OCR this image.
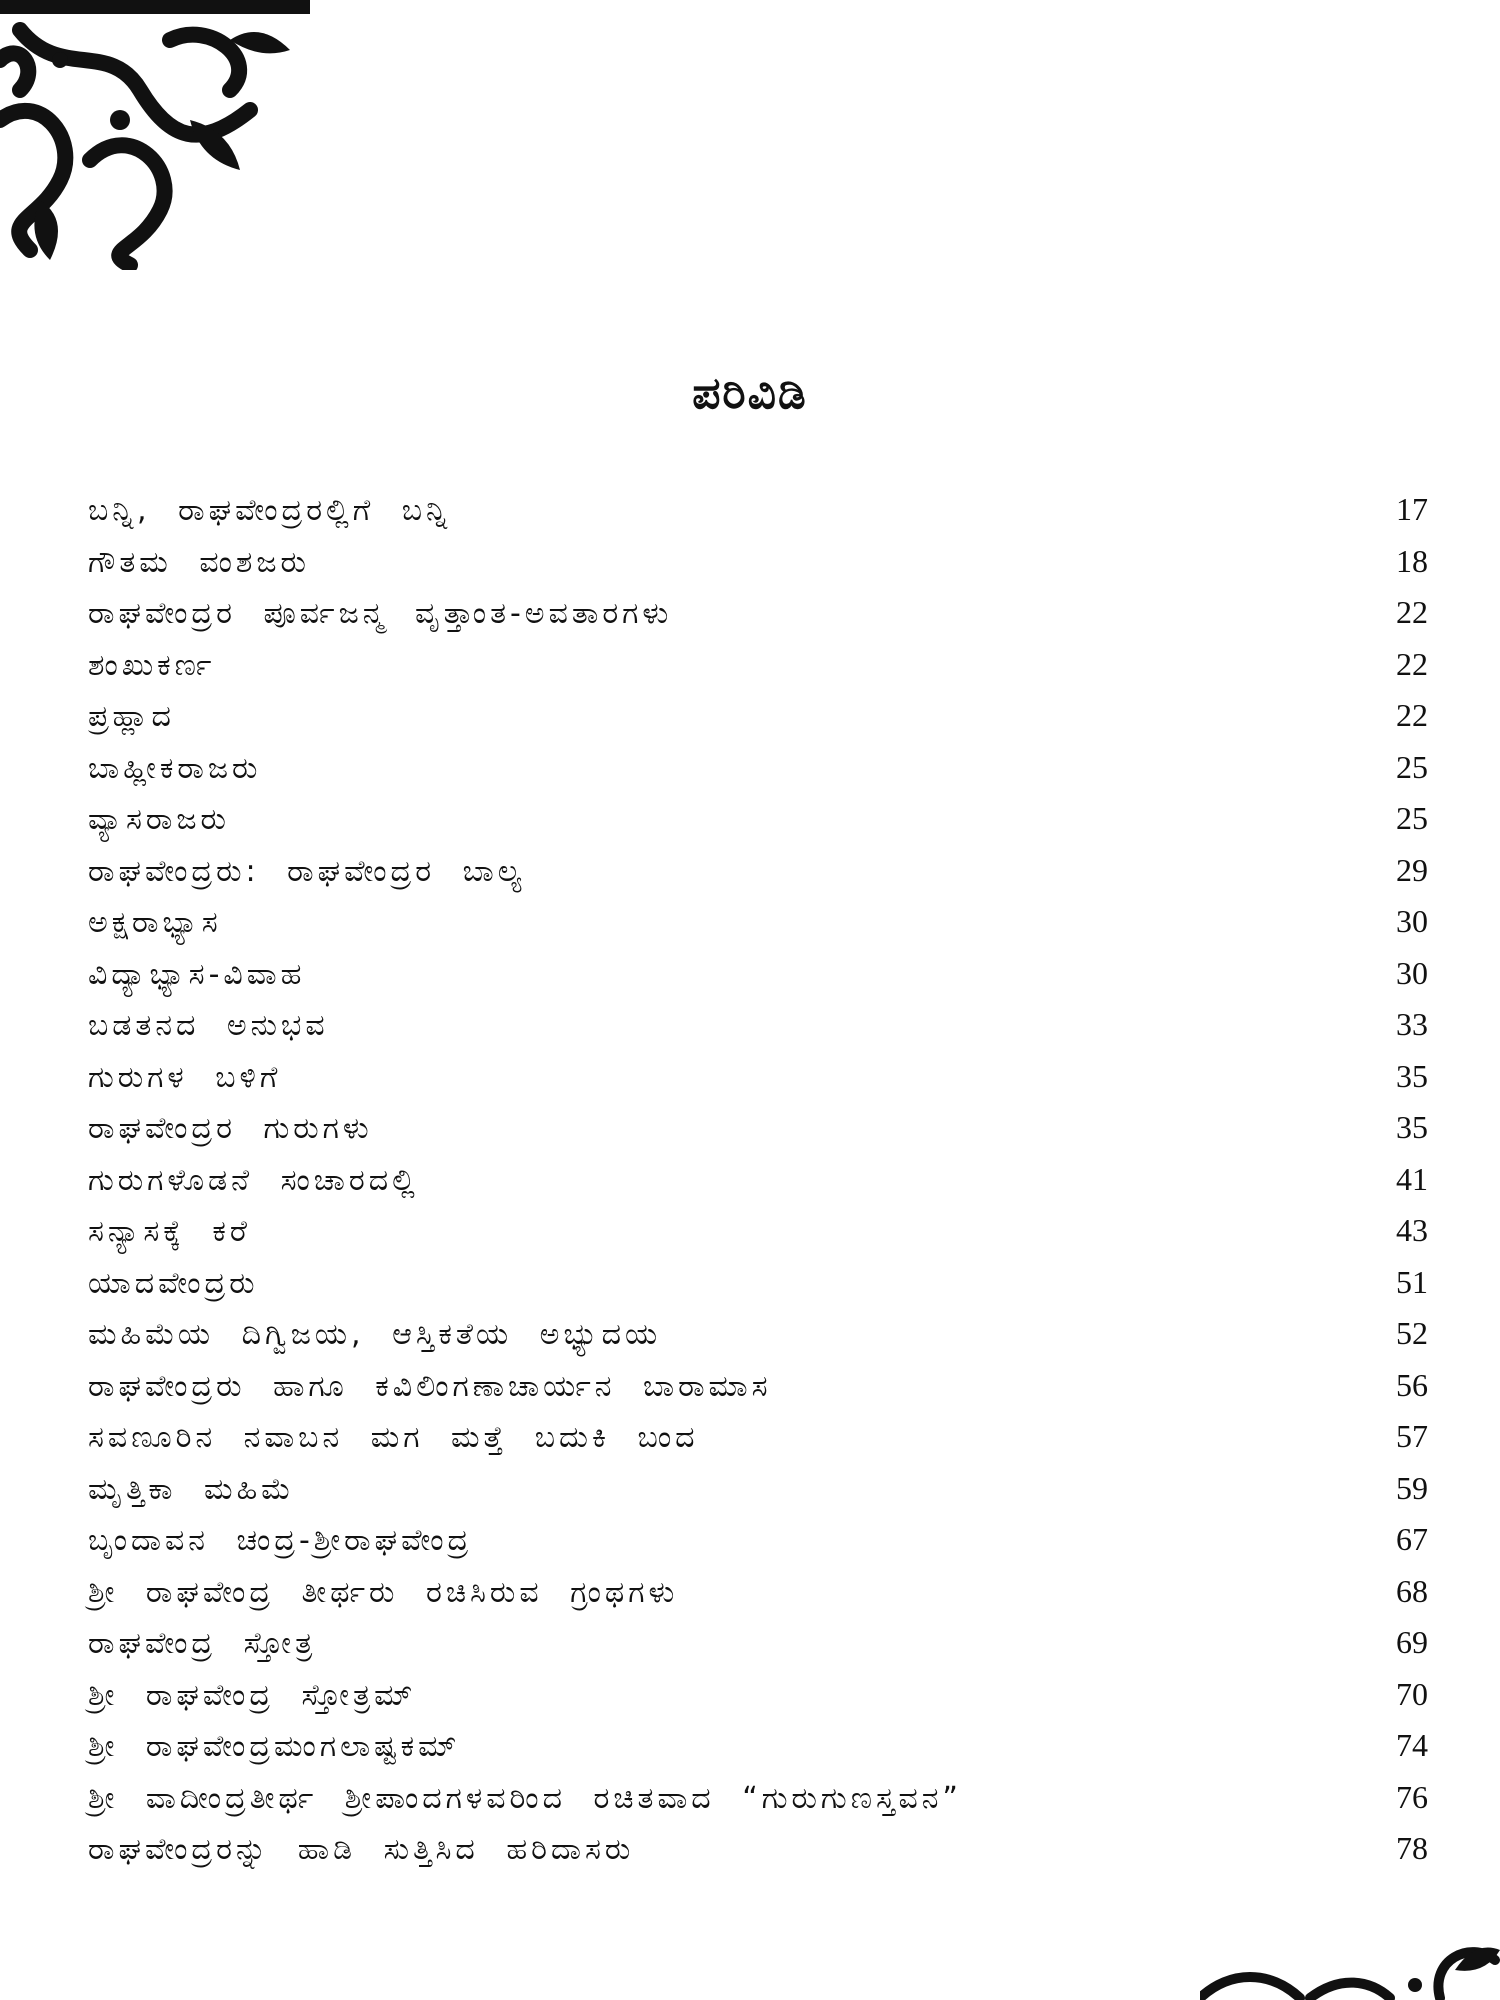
ಪರಿವಿಡಿ
ಬನ್ನಿ, ರಾಘವೇಂದ್ರರಲ್ಲಿಗೆ ಬನ್ನಿ	17
ಗೌತಮ ವಂಶಜರು	18
ರಾಘವೇಂದ್ರರ ಪೂರ್ವಜನ್ಮ ವೃತ್ತಾಂತ-ಅವತಾರಗಳು	22
ಶಂಖುಕರ್ಣ	22
ಪ್ರಹ್ಲಾದ	22
ಬಾಹ್ಲೀಕರಾಜರು	25
ವ್ಯಾಸರಾಜರು	25
ರಾಘವೇಂದ್ರರು: ರಾಘವೇಂದ್ರರ ಬಾಲ್ಯ	29
ಅಕ್ಷರಾಭ್ಯಾಸ	30
ವಿದ್ಯಾಭ್ಯಾಸ-ವಿವಾಹ	30
ಬಡತನದ ಅನುಭವ	33
ಗುರುಗಳ ಬಳಿಗೆ	35
ರಾಘವೇಂದ್ರರ ಗುರುಗಳು	35
ಗುರುಗಳೊಡನೆ ಸಂಚಾರದಲ್ಲಿ	41
ಸನ್ಯಾಸಕ್ಕೆ ಕರೆ	43
ಯಾದವೇಂದ್ರರು	51
ಮಹಿಮೆಯ ದಿಗ್ವಿಜಯ, ಆಸ್ತಿಕತೆಯ ಅಭ್ಯುದಯ	52
ರಾಘವೇಂದ್ರರು ಹಾಗೂ ಕವಿಲಿಂಗಣಾಚಾರ್ಯನ ಬಾರಾಮಾಸ	56
ಸವಣೂರಿನ ನವಾಬನ ಮಗ ಮತ್ತೆ ಬದುಕಿ ಬಂದ	57
ಮೃತ್ತಿಕಾ ಮಹಿಮೆ	59
ಬೃಂದಾವನ ಚಂದ್ರ-ಶ್ರೀರಾಘವೇಂದ್ರ	67
ಶ್ರೀ ರಾಘವೇಂದ್ರ ತೀರ್ಥರು ರಚಿಸಿರುವ ಗ್ರಂಥಗಳು	68
ರಾಘವೇಂದ್ರ ಸ್ತೋತ್ರ	69
ಶ್ರೀ ರಾಘವೇಂದ್ರ ಸ್ತೋತ್ರಮ್	70
ಶ್ರೀ ರಾಘವೇಂದ್ರಮಂಗಲಾಷ್ಟಕಮ್	74
ಶ್ರೀ ವಾದೀಂದ್ರತೀರ್ಥ ಶ್ರೀಪಾಂದಗಳವರಿಂದ ರಚಿತವಾದ “ಗುರುಗುಣಸ್ತವನ”	76
ರಾಘವೇಂದ್ರರನ್ನು ಹಾಡಿ ಸುತ್ತಿಸಿದ ಹರಿದಾಸರು	78
